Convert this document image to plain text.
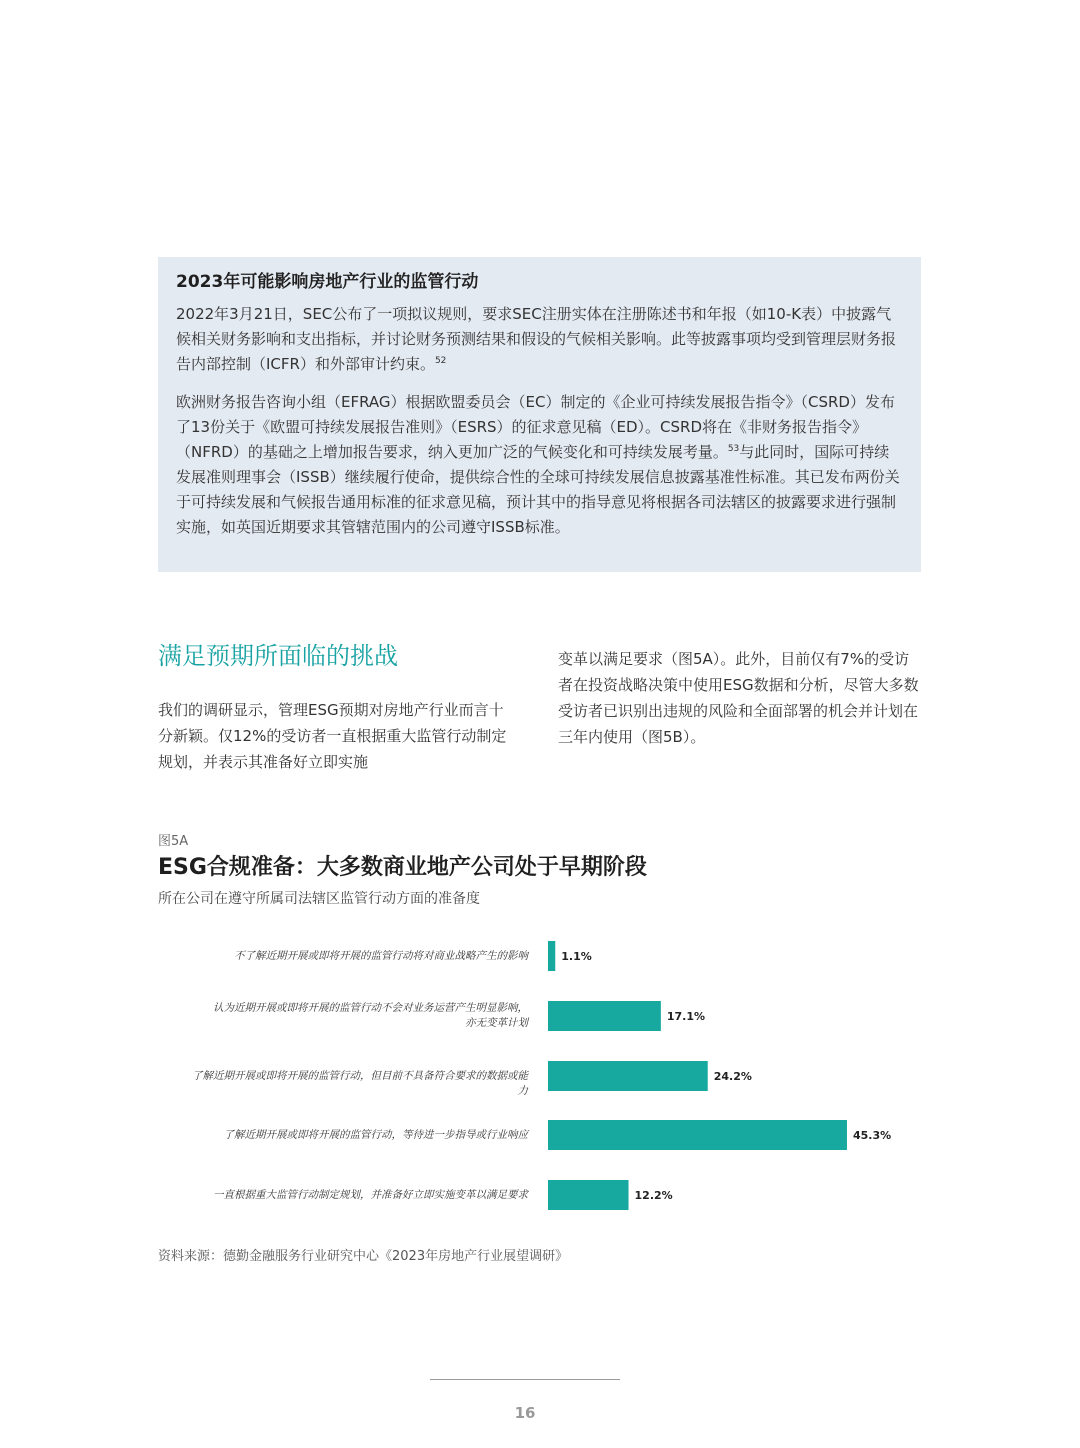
2023年可能影响房地产行业的监管行动

2022年3月21日，SEC公布了一项拟议规则，要求SEC注册实体在注册陈述书和年报（如10-K表）中披露气候相关财务影响和支出指标，并讨论财务预测结果和假设的气候相关影响。此等披露事项均受到管理层财务报告内部控制（ICFR）和外部审计约束。$^{52}$

欧洲财务报告咨询小组（EFRAG）根据欧盟委员会（EC）制定的《企业可持续发展报告指令》（CSRD）发布了13份关于《欧盟可持续发展报告准则》（ESRS）的征求意见稿（ED）。CSRD将在《非财务报告指令》（NFRD）的基础之上增加报告要求，纳入更加广泛的气候变化和可持续发展考量。$^{53}$与此同时，国际可持续发展准则理事会（ISSB）继续履行使命，提供综合性的全球可持续发展信息披露基准性标准。其已发布两份关于可持续发展和气候报告通用标准的征求意见稿，预计其中的指导意见将根据各司法辖区的披露要求进行强制实施，如英国近期要求其管辖范围内的公司遵守ISSB标准。

满足预期所面临的挑战
我们的调研显示，管理ESG预期对房地产行业而言十分新颖。仅12%的受访者一直根据重大监管行动制定规划，并表示其准备好立即实施
变革以满足要求（图5A）。此外，目前仅有7%的受访者在投资战略决策中使用ESG数据和分析，尽管大多数受访者已识别出违规的风险和全面部署的机会并计划在三年内使用（图5B）。
图5A
ESG合规准备：大多数商业地产公司处于早期阶段
所在公司在遵守所属司法辖区监管行动方面的准备度
1.1%
17.1%
24.2%
45.3%
12.2%
不了解近期开展或即将开展的监管行动将对商业战略产生的影响
认为近期开展或即将开展的监管行动不会对业务运营产生明显影响，
亦无变革计划
了解近期开展或即将开展的监管行动，但目前不具备符合要求的数据或能力
了解近期开展或即将开展的监管行动，等待进一步指导或行业响应
一直根据重大监管行动制定规划，并准备好立即实施变革以满足要求
资料来源：德勤金融服务行业研究中心《2023年房地产行业展望调研》
16
